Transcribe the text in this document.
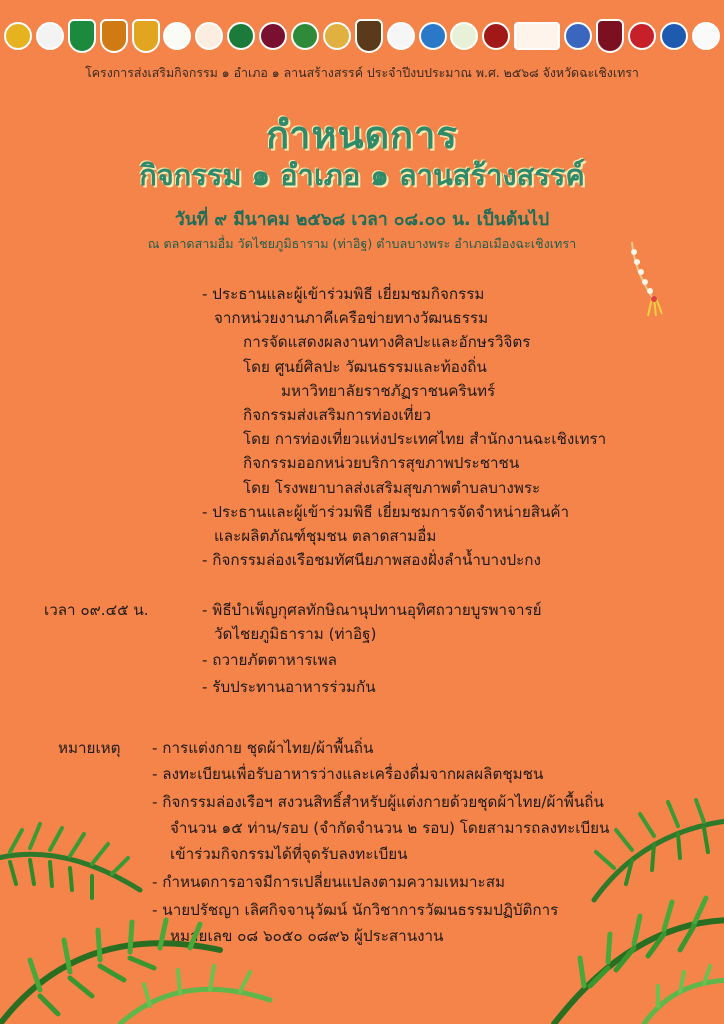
โครงการส่งเสริมกิจกรรม ๑ อำเภอ ๑ ลานสร้างสรรค์ ประจำปีงบประมาณ พ.ศ. ๒๕๖๘ จังหวัดฉะเชิงเทรา
กำหนดการ
กิจกรรม ๑ อำเภอ ๑ ลานสร้างสรรค์
วันที่ ๙ มีนาคม ๒๕๖๘ เวลา ๐๘.๐๐ น. เป็นต้นไป
ณ ตลาดสามอื่ม วัดไชยภูมิธาราม (ท่าอิฐ) ตำบลบางพระ อำเภอเมืองฉะเชิงเทรา
เวลา ๐๙.๔๕ น.
- ประธานและผู้เข้าร่วมพิธี เยี่ยมชมกิจกรรม
จากหน่วยงานภาคีเครือข่ายทางวัฒนธรรม
การจัดแสดงผลงานทางศิลปะและอักษรวิจิตร
โดย ศูนย์ศิลปะ วัฒนธรรมและท้องถิ่น
มหาวิทยาลัยราชภัฏราชนครินทร์
กิจกรรมส่งเสริมการท่องเที่ยว
โดย การท่องเที่ยวแห่งประเทศไทย สำนักงานฉะเชิงเทรา
กิจกรรมออกหน่วยบริการสุขภาพประชาชน
โดย โรงพยาบาลส่งเสริมสุขภาพตำบลบางพระ
- ประธานและผู้เข้าร่วมพิธี เยี่ยมชมการจัดจำหน่ายสินค้า
และผลิตภัณฑ์ชุมชน ตลาดสามอื่ม
- กิจกรรมล่องเรือชมทัศนียภาพสองฝั่งลำน้ำบางปะกง
- พิธีบำเพ็ญกุศลทักษิณานุปทานอุทิศถวายบูรพาจารย์
วัดไชยภูมิธาราม (ท่าอิฐ)
- ถวายภัตตาหารเพล
- รับประทานอาหารร่วมกัน
หมายเหตุ - การแต่งกาย ชุดผ้าไทย/ผ้าพื้นถิ่น
- ลงทะเบียนเพื่อรับอาหารว่างและเครื่องดื่มจากผลผลิตชุมชน
- กิจกรรมล่องเรือฯ สงวนสิทธิ์สำหรับผู้แต่งกายด้วยชุดผ้าไทย/ผ้าพื้นถิ่น
จำนวน ๑๕ ท่าน/รอบ (จำกัดจำนวน ๒ รอบ) โดยสามารถลงทะเบียน
เข้าร่วมกิจกรรมได้ที่จุดรับลงทะเบียน
- กำหนดการอาจมีการเปลี่ยนแปลงตามความเหมาะสม
- นายปรัชญา เลิศกิจจานุวัฒน์ นักวิชาการวัฒนธรรมปฏิบัติการ
หมายเลข ๐๘ ๖๐๕๐ ๐๘๙๖ ผู้ประสานงาน
